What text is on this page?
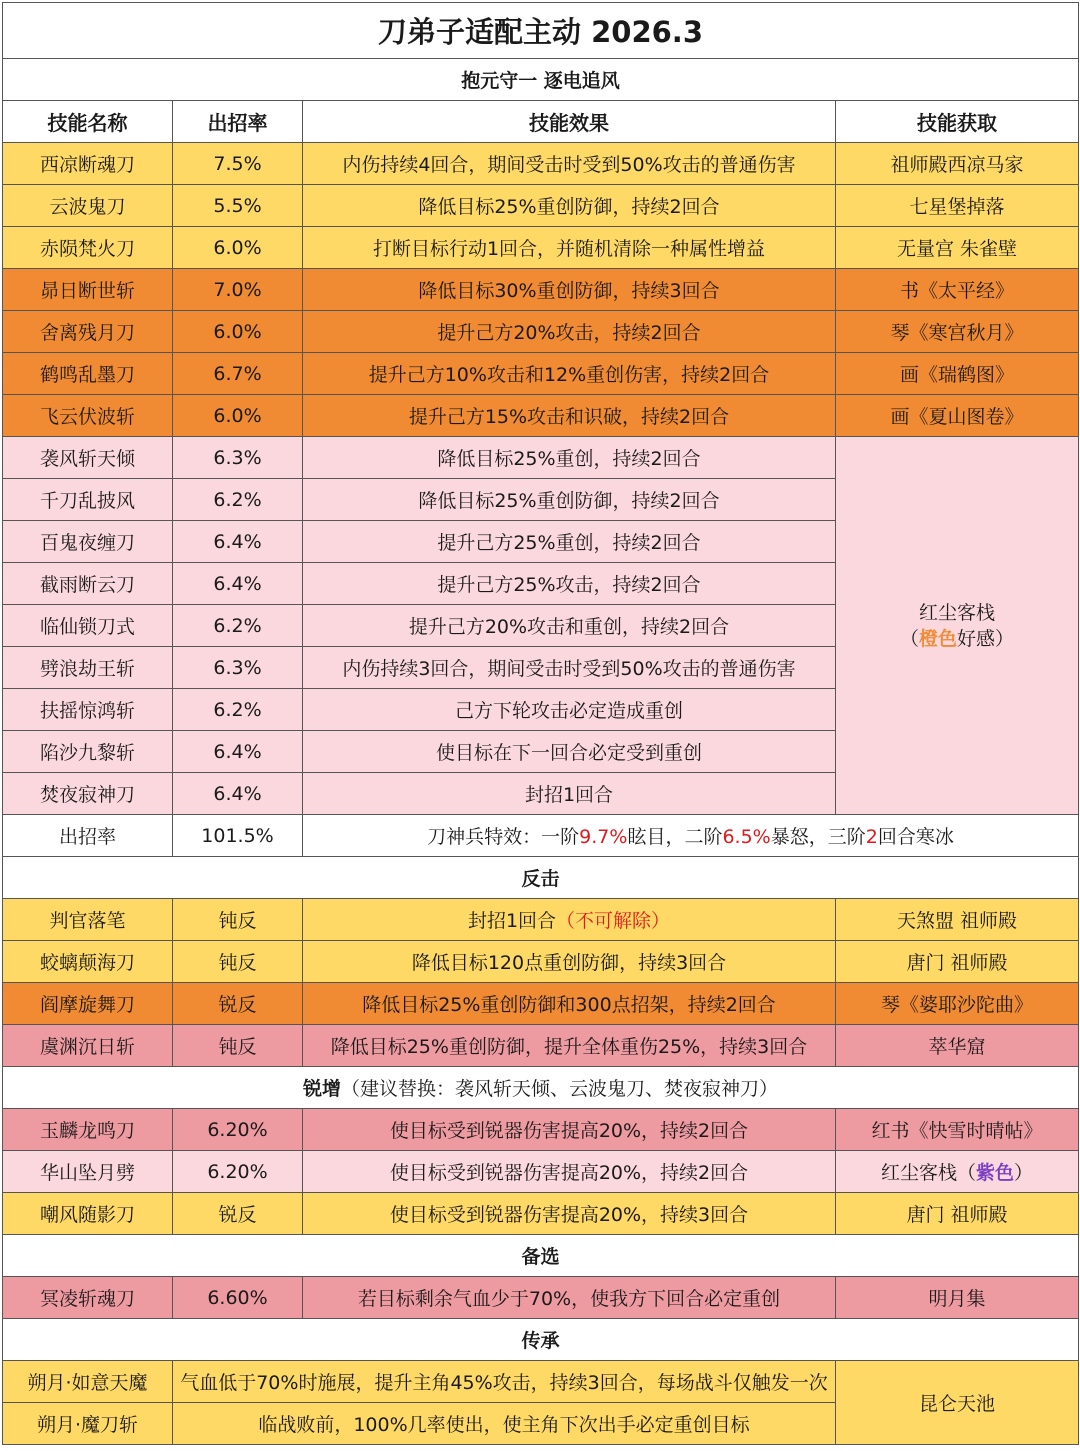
刀弟子适配主动 2026.3			
抱元守一 逐电追风			
技能名称	出招率	技能效果	技能获取
西凉断魂刀	7.5%	内伤持续4回合，期间受击时受到50%攻击的普通伤害	祖师殿西凉马家
云波鬼刀	5.5%	降低目标25%重创防御，持续2回合	七星堡掉落
赤陨梵火刀	6.0%	打断目标行动1回合，并随机清除一种属性增益	无量宫 朱雀壁
昴日断世斩	7.0%	降低目标30%重创防御，持续3回合	书《太平经》
舍离残月刀	6.0%	提升己方20%攻击，持续2回合	琴《寒宫秋月》
鹤鸣乱墨刀	6.7%	提升己方10%攻击和12%重创伤害，持续2回合	画《瑞鹤图》
飞云伏波斩	6.0%	提升己方15%攻击和识破，持续2回合	画《夏山图卷》
袭风斩天倾	6.3%	降低目标25%重创，持续2回合	红尘客栈
（橙色好感）
千刀乱披风	6.2%	降低目标25%重创防御，持续2回合	
百鬼夜缠刀	6.4%	提升己方25%重创，持续2回合	
截雨断云刀	6.4%	提升己方25%攻击，持续2回合	
临仙锁刀式	6.2%	提升己方20%攻击和重创，持续2回合	
劈浪劫王斩	6.3%	内伤持续3回合，期间受击时受到50%攻击的普通伤害	
扶摇惊鸿斩	6.2%	己方下轮攻击必定造成重创	
陷沙九黎斩	6.4%	使目标在下一回合必定受到重创	
焚夜寂神刀	6.4%	封招1回合	
出招率	101.5%	刀神兵特效：一阶9.7%眩目，二阶6.5%暴怒，三阶2回合寒冰	
反击			
判官落笔	钝反	封招1回合（不可解除）	天煞盟 祖师殿
蛟螭颠海刀	钝反	降低目标120点重创防御，持续3回合	唐门 祖师殿
阎摩旋舞刀	锐反	降低目标25%重创防御和300点招架，持续2回合	琴《婆耶沙陀曲》
虞渊沉日斩	钝反	降低目标25%重创防御，提升全体重伤25%，持续3回合	萃华窟
锐增（建议替换：袭风斩天倾、云波鬼刀、焚夜寂神刀）			
玉麟龙鸣刀	6.20%	使目标受到锐器伤害提高20%，持续2回合	红书《快雪时晴帖》
华山坠月劈	6.20%	使目标受到锐器伤害提高20%，持续2回合	红尘客栈（紫色）
嘲风随影刀	锐反	使目标受到锐器伤害提高20%，持续3回合	唐门 祖师殿
备选			
冥凌斩魂刀	6.60%	若目标剩余气血少于70%，使我方下回合必定重创	明月集
传承			
朔月·如意天魔	气血低于70%时施展，提升主角45%攻击，持续3回合，每场战斗仅触发一次		昆仑天池
朔月·魔刀斩	临战败前，100%几率使出，使主角下次出手必定重创目标		
